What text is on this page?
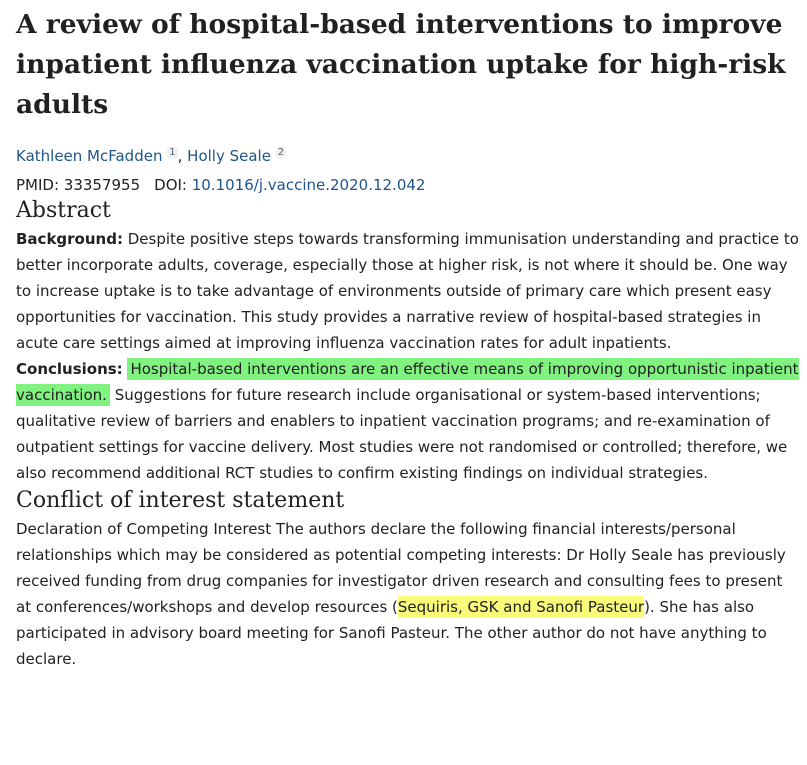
A review of hospital-based interventions to improve inpatient influenza vaccination uptake for high-risk adults
Kathleen McFadden $^1$ , Holly Seale $^2$
PMID: 33357955 DOI: 10.1016/j.vaccine.2020.12.042
Abstract

Background: Despite positive steps towards transforming immunisation understanding and practice to better incorporate adults, coverage, especially those at higher risk, is not where it should be. One way to increase uptake is to take advantage of environments outside of primary care which present easy opportunities for vaccination. This study provides a narrative review of hospital-based strategies in acute care settings aimed at improving influenza vaccination rates for adult inpatients.

Conclusions: Hospital-based interventions are an effective means of improving opportunistic inpatient vaccination. Suggestions for future research include organisational or system-based interventions; qualitative review of barriers and enablers to inpatient vaccination programs; and re-examination of outpatient settings for vaccine delivery. Most studies were not randomised or controlled; therefore, we also recommend additional RCT studies to confirm existing findings on individual strategies.

Conflict of interest statement

Declaration of Competing Interest The authors declare the following financial interests/personal relationships which may be considered as potential competing interests: Dr Holly Seale has previously received funding from drug companies for investigator driven research and consulting fees to present at conferences/workshops and develop resources (Sequiris, GSK and Sanofi Pasteur). She has also participated in advisory board meeting for Sanofi Pasteur. The other author do not have anything to declare.
